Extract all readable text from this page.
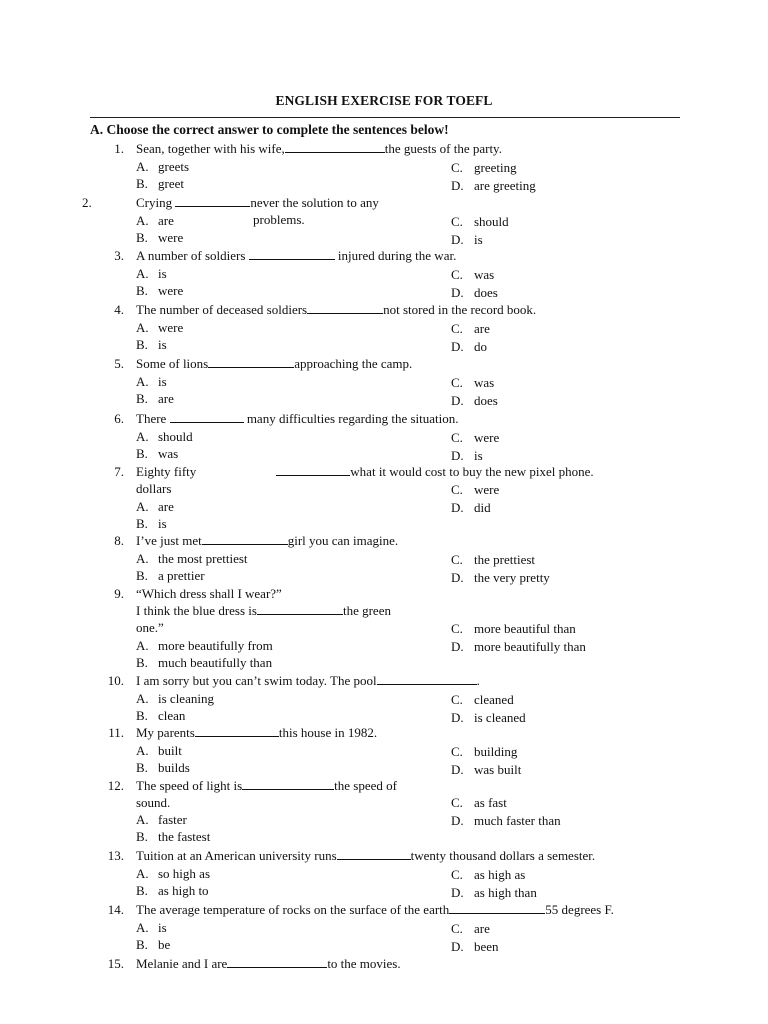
ENGLISH EXERCISE FOR TOEFL
A. Choose the correct answer to complete the sentences below!
1. Sean, together with his wife,	the guests of the party.
A. greets
B. greet
C. greeting
D. are greeting
2.	Crying	never the solution to any
problems.
A. are
B. were
C. should
D. is
3. A number of soldiers	injured during the war.
A. is
B. were
C. was
D. does
4. The number of deceased soldiers	not stored in the record book.
A. were
B. is
C. are
D. do
5. Some of lions	approaching the camp.
A. is
B. are
C. was
D. does
6. There	many difficulties regarding the situation.
A. should
B. was
C. were
D. is
7. Eighty fifty	what it would cost to buy the new pixel phone.
dollars
A. are
B. is
C. were
D. did
8. I’ve just met	girl you can imagine.
A. the most prettiest
B. a prettier
C. the prettiest
D. the very pretty
9. “Which dress shall I wear?”
I think the blue dress is	the green
one.”
A. more beautifully from
B. much beautifully than
C. more beautiful than
D. more beautifully than
10. I am sorry but you can’t swim today. The pool	.
A. is cleaning
B. clean
C. cleaned
D. is cleaned
11. My parents	this house in 1982.
A. built
B. builds
C. building
D. was built
12. The speed of light is	the speed of
sound.
A. faster
B. the fastest
C. as fast
D. much faster than
13. Tuition at an American university runs	twenty thousand dollars a semester.
A. so high as
B. as high to
C. as high as
D. as high than
14. The average temperature of rocks on the surface of the earth	55 degrees F.
A. is
B. be
C. are
D. been
15. Melanie and I are	to the movies.
